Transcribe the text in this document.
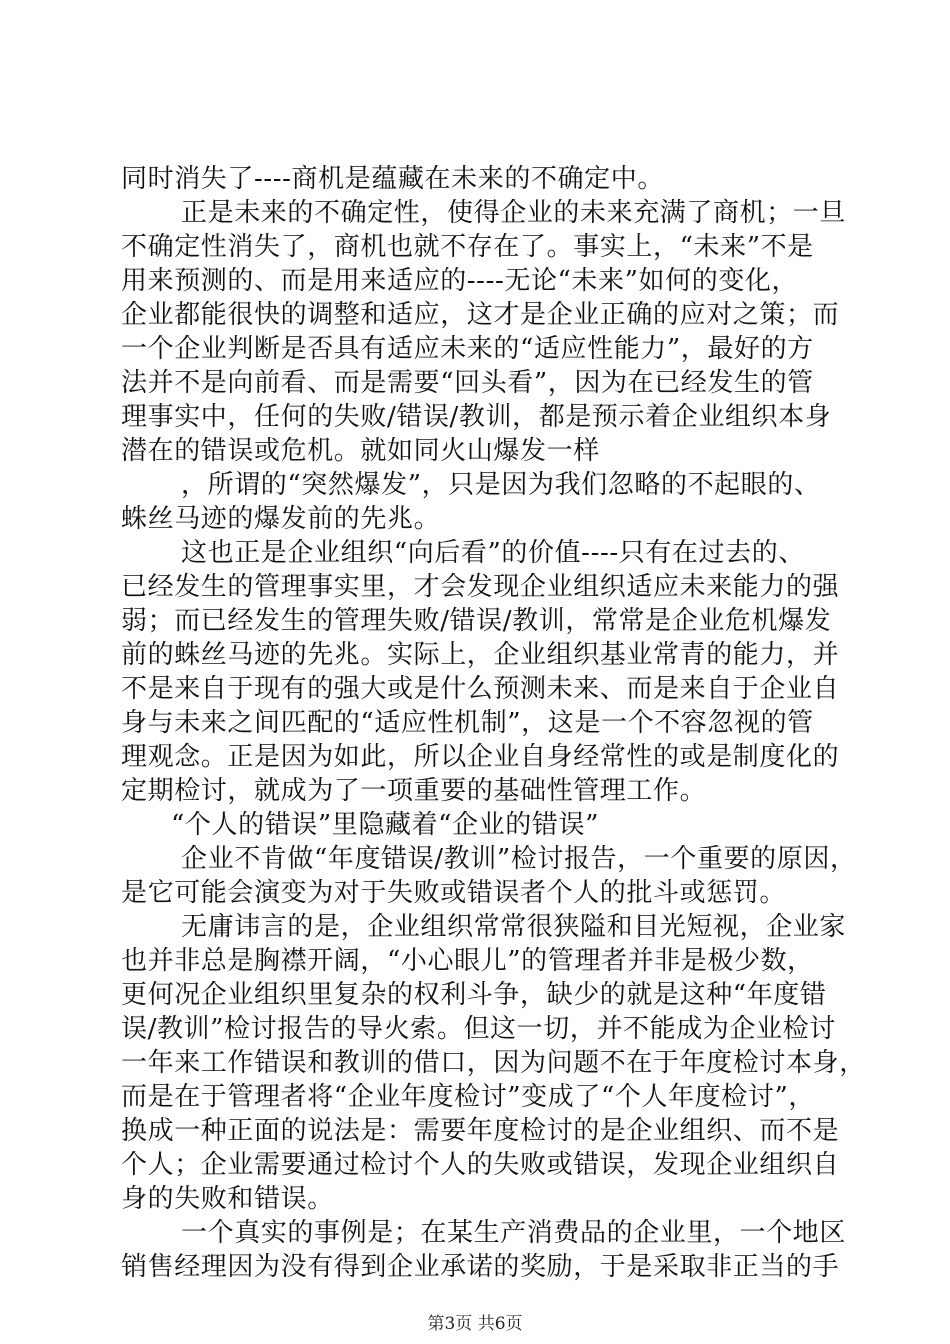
同时消失了----商机是蕴藏在未来的不确定中。
正是未来的不确定性，使得企业的未来充满了商机；一旦
不确定性消失了，商机也就不存在了。事实上，“未来”不是
用来预测的、而是用来适应的----无论“未来”如何的变化，
企业都能很快的调整和适应，这才是企业正确的应对之策；而
一个企业判断是否具有适应未来的“适应性能力”，最好的方
法并不是向前看、而是需要“回头看”，因为在已经发生的管
理事实中，任何的失败/错误/教训，都是预示着企业组织本身
潜在的错误或危机。就如同火山爆发一样
，所谓的“突然爆发”，只是因为我们忽略的不起眼的、
蛛丝马迹的爆发前的先兆。
这也正是企业组织“向后看”的价值----只有在过去的、
已经发生的管理事实里，才会发现企业组织适应未来能力的强
弱；而已经发生的管理失败/错误/教训，常常是企业危机爆发
前的蛛丝马迹的先兆。实际上，企业组织基业常青的能力，并
不是来自于现有的强大或是什么预测未来、而是来自于企业自
身与未来之间匹配的“适应性机制”，这是一个不容忽视的管
理观念。正是因为如此，所以企业自身经常性的或是制度化的
定期检讨，就成为了一项重要的基础性管理工作。
“个人的错误”里隐藏着“企业的错误”
企业不肯做“年度错误/教训”检讨报告，一个重要的原因，
是它可能会演变为对于失败或错误者个人的批斗或惩罚。
无庸讳言的是，企业组织常常很狭隘和目光短视，企业家
也并非总是胸襟开阔，“小心眼儿”的管理者并非是极少数，
更何况企业组织里复杂的权利斗争，缺少的就是这种“年度错
误/教训”检讨报告的导火索。但这一切，并不能成为企业检讨
一年来工作错误和教训的借口，因为问题不在于年度检讨本身，
而是在于管理者将“企业年度检讨”变成了“个人年度检讨”，
换成一种正面的说法是：需要年度检讨的是企业组织、而不是
个人；企业需要通过检讨个人的失败或错误，发现企业组织自
身的失败和错误。
一个真实的事例是；在某生产消费品的企业里，一个地区
销售经理因为没有得到企业承诺的奖励，于是采取非正当的手
第3页 共6页
